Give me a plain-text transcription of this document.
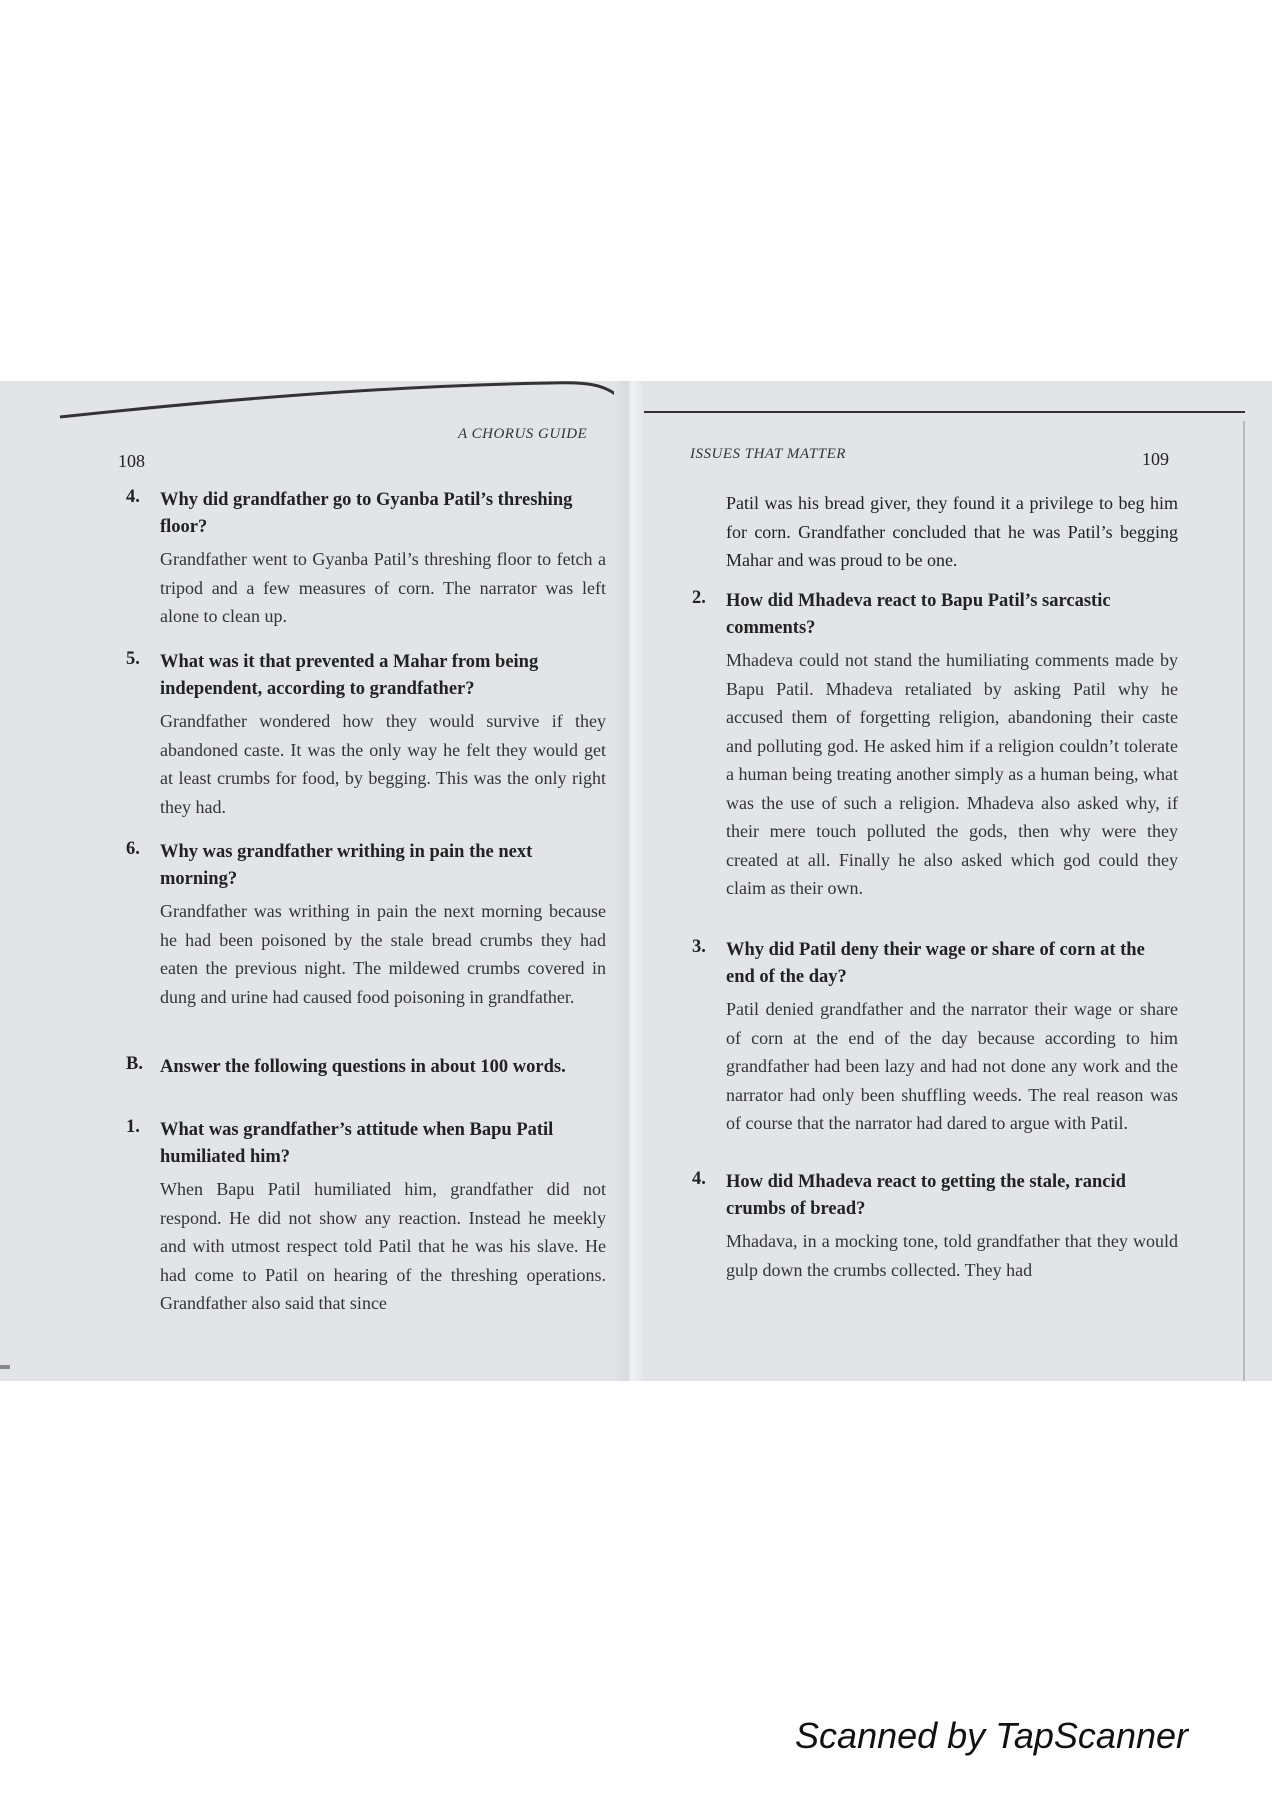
108
A CHORUS GUIDE
4. Why did grandfather go to Gyanba Patil’s threshing floor?

Grandfather went to Gyanba Patil’s threshing floor to fetch a tripod and a few measures of corn. The narrator was left alone to clean up.

5. What was it that prevented a Mahar from being independent, according to grandfather?

Grandfather wondered how they would survive if they abandoned caste. It was the only way he felt they would get at least crumbs for food, by begging. This was the only right they had.

6. Why was grandfather writhing in pain the next morning?

Grandfather was writhing in pain the next morning because he had been poisoned by the stale bread crumbs they had eaten the previous night. The mildewed crumbs covered in dung and urine had caused food poisoning in grandfather.

B. Answer the following questions in about 100 words.

1. What was grandfather’s attitude when Bapu Patil humiliated him?

When Bapu Patil humiliated him, grandfather did not respond. He did not show any reaction. Instead he meekly and with utmost respect told Patil that he was his slave. He had come to Patil on hearing of the threshing operations. Grandfather also said that since

ISSUES THAT MATTER	109

Patil was his bread giver, they found it a privilege to beg him for corn. Grandfather concluded that he was Patil’s begging Mahar and was proud to be one.

2. How did Mhadeva react to Bapu Patil’s sarcastic comments?

Mhadeva could not stand the humiliating comments made by Bapu Patil. Mhadeva retaliated by asking Patil why he accused them of forgetting religion, abandoning their caste and polluting god. He asked him if a religion couldn’t tolerate a human being treating another simply as a human being, what was the use of such a religion. Mhadeva also asked why, if their mere touch polluted the gods, then why were they created at all. Finally he also asked which god could they claim as their own.

3. Why did Patil deny their wage or share of corn at the end of the day?

Patil denied grandfather and the narrator their wage or share of corn at the end of the day because according to him grandfather had been lazy and had not done any work and the narrator had only been shuffling weeds. The real reason was of course that the narrator had dared to argue with Patil.

4. How did Mhadeva react to getting the stale, rancid crumbs of bread?

Mhadava, in a mocking tone, told grandfather that they would gulp down the crumbs collected. They had

Scanned by TapScanner
